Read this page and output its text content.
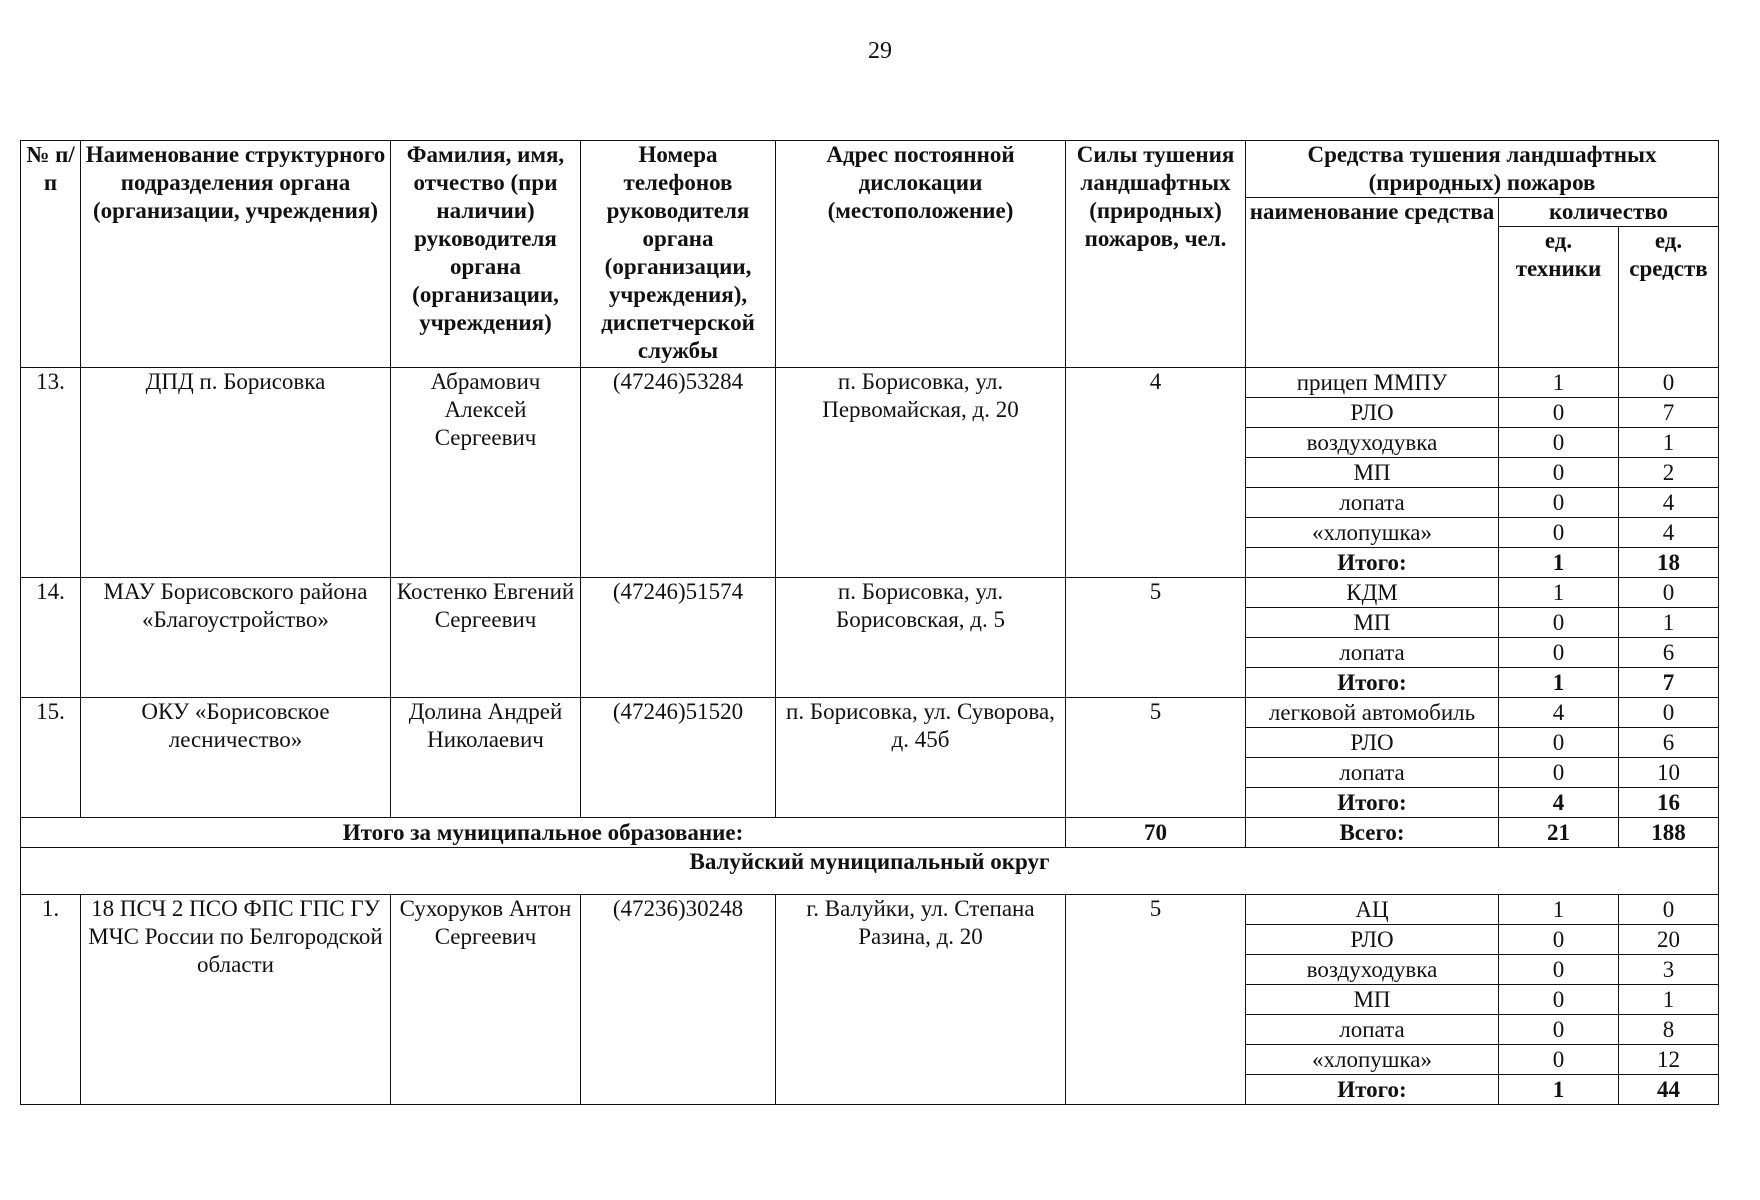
29
№ п/п	Наименование структурного подразделения органа (организации, учреждения)	Фамилия, имя, отчество (при наличии) руководителя органа (организации, учреждения)	Номера телефонов руководителя органа (организации, учреждения), диспетчерской службы	Адрес постоянной дислокации (местоположение)	Силы тушения ландшафтных (природных) пожаров, чел.	Средства тушения ландшафтных (природных) пожаров		
						наименование средства	количество	
							ед. техники	ед. средств
13.	ДПД п. Борисовка	Абрамович Алексей Сергеевич	(47246)53284	п. Борисовка, ул. Первомайская, д. 20	4	прицеп ММПУ	1	0
						РЛО	0	7
						воздуходувка	0	1
						МП	0	2
						лопата	0	4
						«хлопушка»	0	4
						Итого:	1	18
14.	МАУ Борисовского района «Благоустройство»	Костенко Евгений Сергеевич	(47246)51574	п. Борисовка, ул. Борисовская, д. 5	5	КДМ	1	0
						МП	0	1
						лопата	0	6
						Итого:	1	7
15.	ОКУ «Борисовское лесничество»	Долина Андрей Николаевич	(47246)51520	п. Борисовка, ул. Суворова, д. 45б	5	легковой автомобиль	4	0
						РЛО	0	6
						лопата	0	10
						Итого:	4	16
Итого за муниципальное образование:					70	Всего:	21	188
Валуйский муниципальный округ								
1.	18 ПСЧ 2 ПСО ФПС ГПС ГУ МЧС России по Белгородской области	Сухоруков Антон Сергеевич	(47236)30248	г. Валуйки, ул. Степана Разина, д. 20	5	АЦ	1	0
						РЛО	0	20
						воздуходувка	0	3
						МП	0	1
						лопата	0	8
						«хлопушка»	0	12
						Итого:	1	44
